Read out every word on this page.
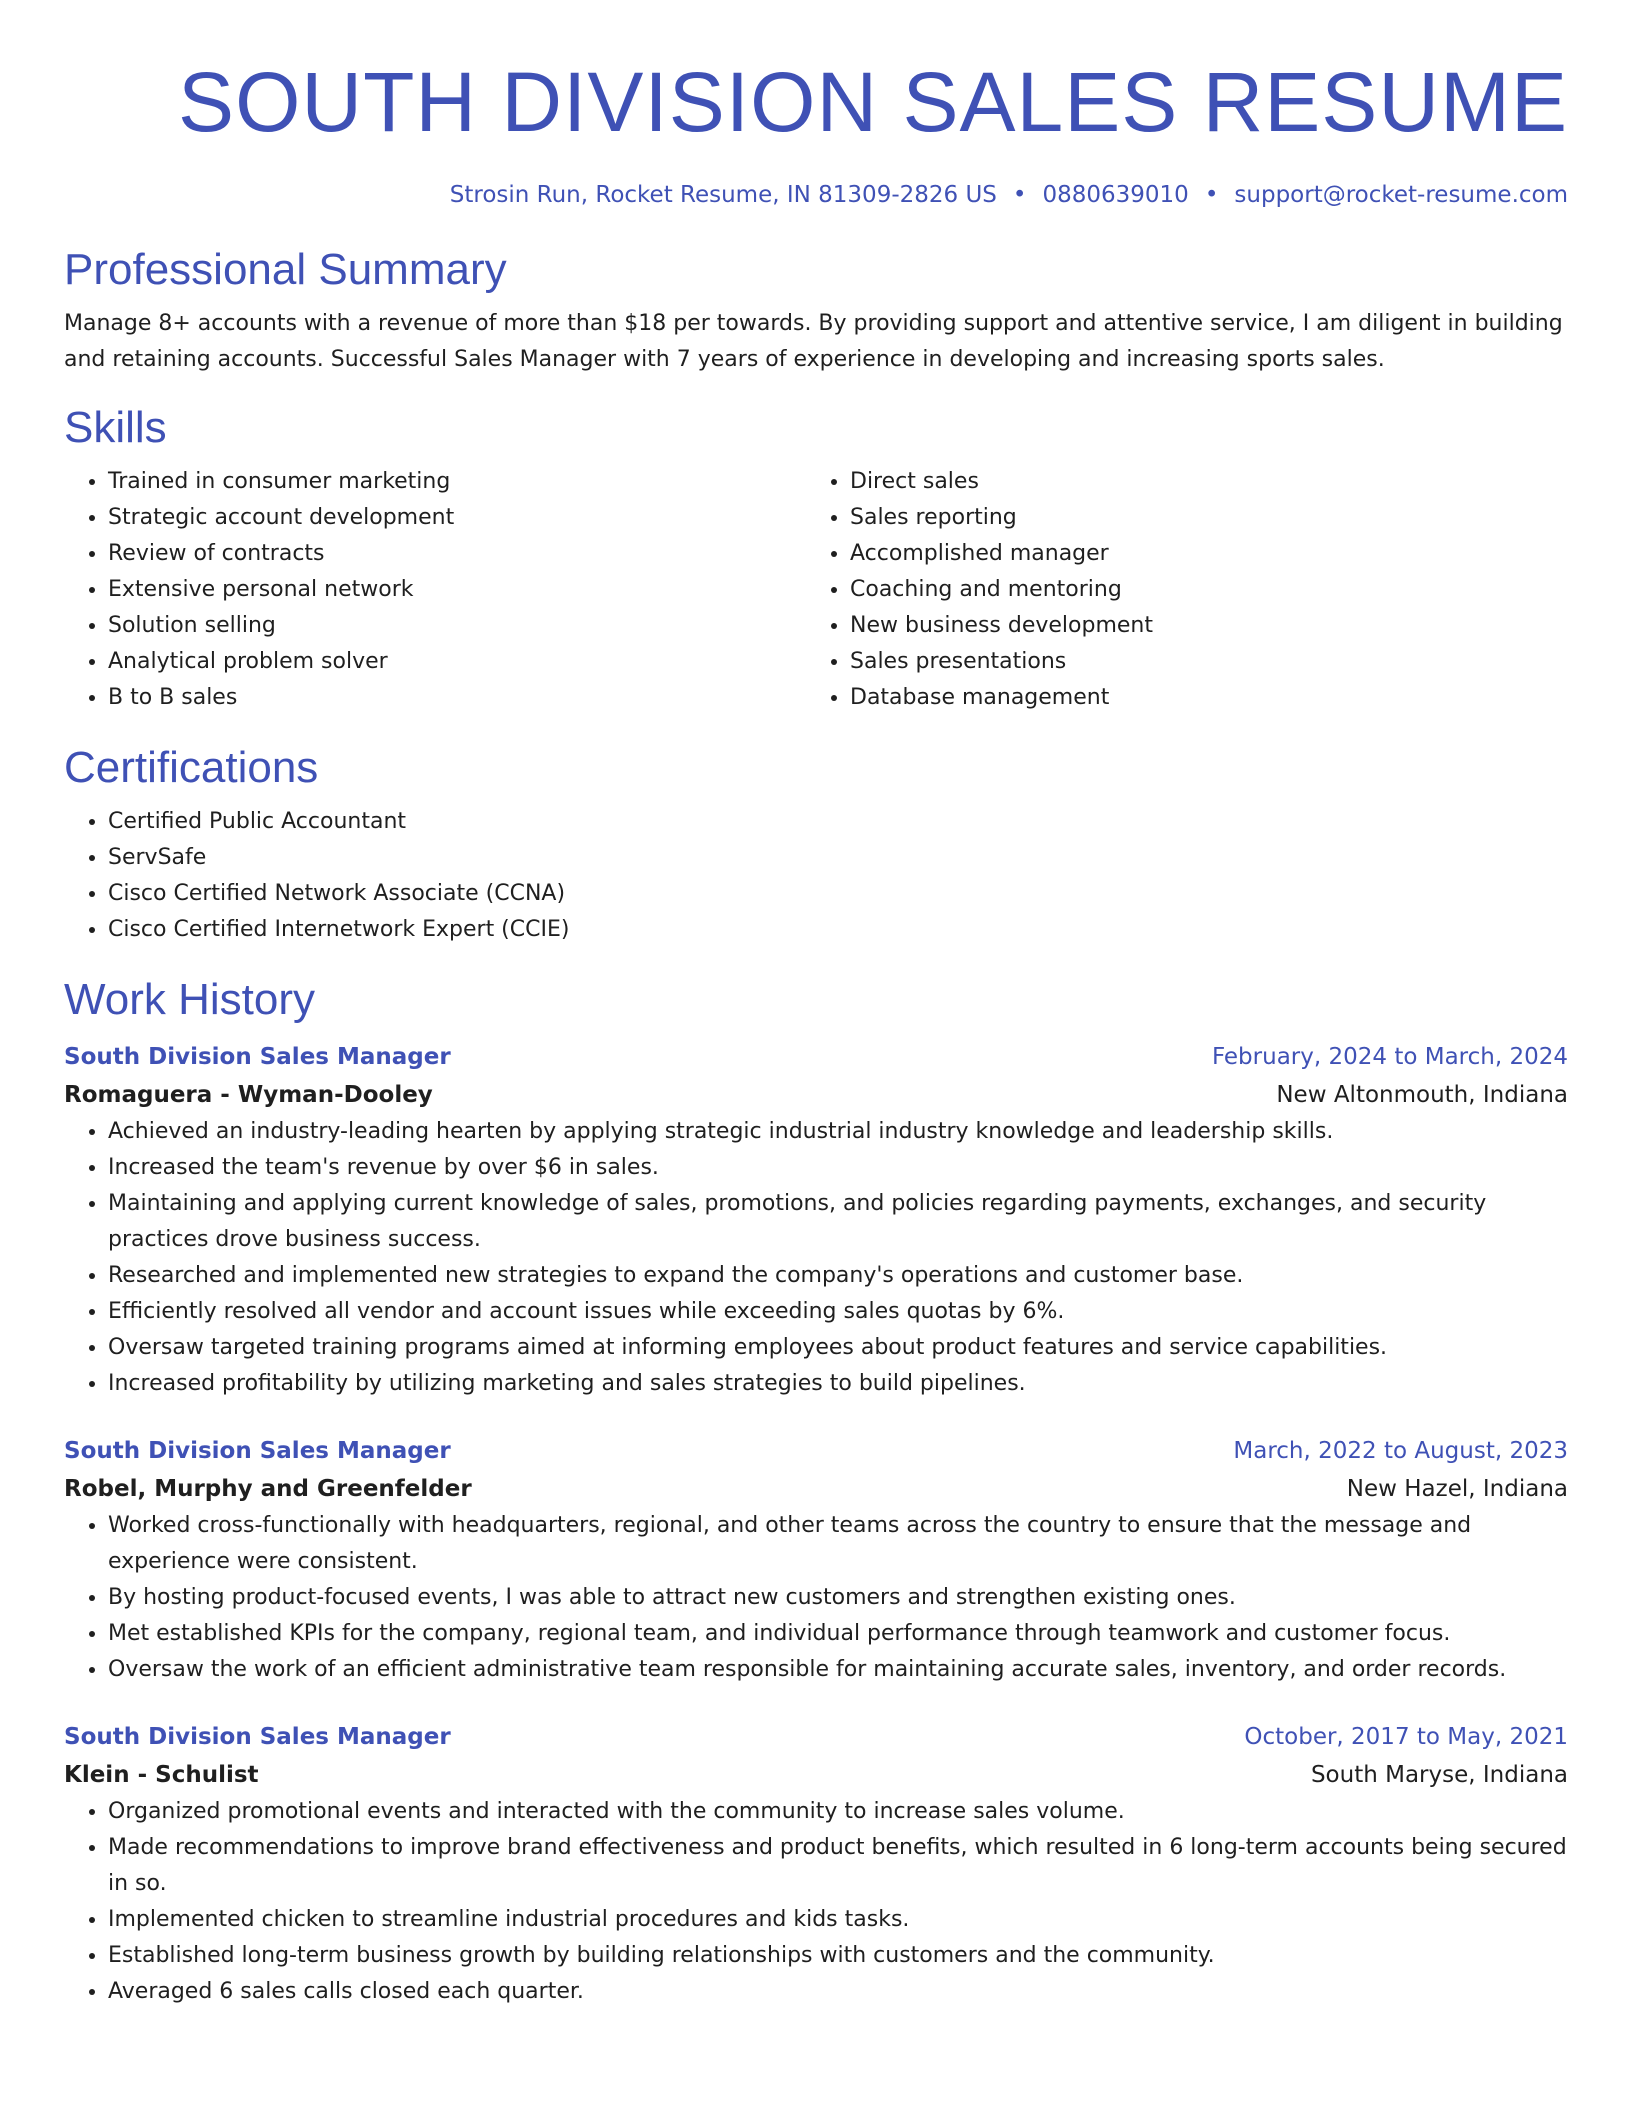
SOUTH DIVISION SALES RESUME
Strosin Run, Rocket Resume, IN 81309-2826 US • 0880639010 • support@rocket-resume.com
Professional Summary
Manage 8+ accounts with a revenue of more than $18 per towards. By providing support and attentive service, I am diligent in building and retaining accounts. Successful Sales Manager with 7 years of experience in developing and increasing sports sales.
Skills
• Trained in consumer marketing
• Strategic account development
• Review of contracts
• Extensive personal network
• Solution selling
• Analytical problem solver
• B to B sales
• Direct sales
• Sales reporting
• Accomplished manager
• Coaching and mentoring
• New business development
• Sales presentations
• Database management
Certifications
• Certified Public Accountant
• ServSafe
• Cisco Certified Network Associate (CCNA)
• Cisco Certified Internetwork Expert (CCIE)
Work History
South Division Sales Manager	February, 2024 to March, 2024
Romaguera - Wyman-Dooley	New Altonmouth, Indiana
• Achieved an industry-leading hearten by applying strategic industrial industry knowledge and leadership skills.
• Increased the team's revenue by over $6 in sales.
• Maintaining and applying current knowledge of sales, promotions, and policies regarding payments, exchanges, and security practices drove business success.
• Researched and implemented new strategies to expand the company's operations and customer base.
• Efficiently resolved all vendor and account issues while exceeding sales quotas by 6%.
• Oversaw targeted training programs aimed at informing employees about product features and service capabilities.
• Increased profitability by utilizing marketing and sales strategies to build pipelines.
South Division Sales Manager	March, 2022 to August, 2023
Robel, Murphy and Greenfelder	New Hazel, Indiana
• Worked cross-functionally with headquarters, regional, and other teams across the country to ensure that the message and experience were consistent.
• By hosting product-focused events, I was able to attract new customers and strengthen existing ones.
• Met established KPIs for the company, regional team, and individual performance through teamwork and customer focus.
• Oversaw the work of an efficient administrative team responsible for maintaining accurate sales, inventory, and order records.
South Division Sales Manager	October, 2017 to May, 2021
Klein - Schulist	South Maryse, Indiana
• Organized promotional events and interacted with the community to increase sales volume.
• Made recommendations to improve brand effectiveness and product benefits, which resulted in 6 long-term accounts being secured in so.
• Implemented chicken to streamline industrial procedures and kids tasks.
• Established long-term business growth by building relationships with customers and the community.
• Averaged 6 sales calls closed each quarter.
